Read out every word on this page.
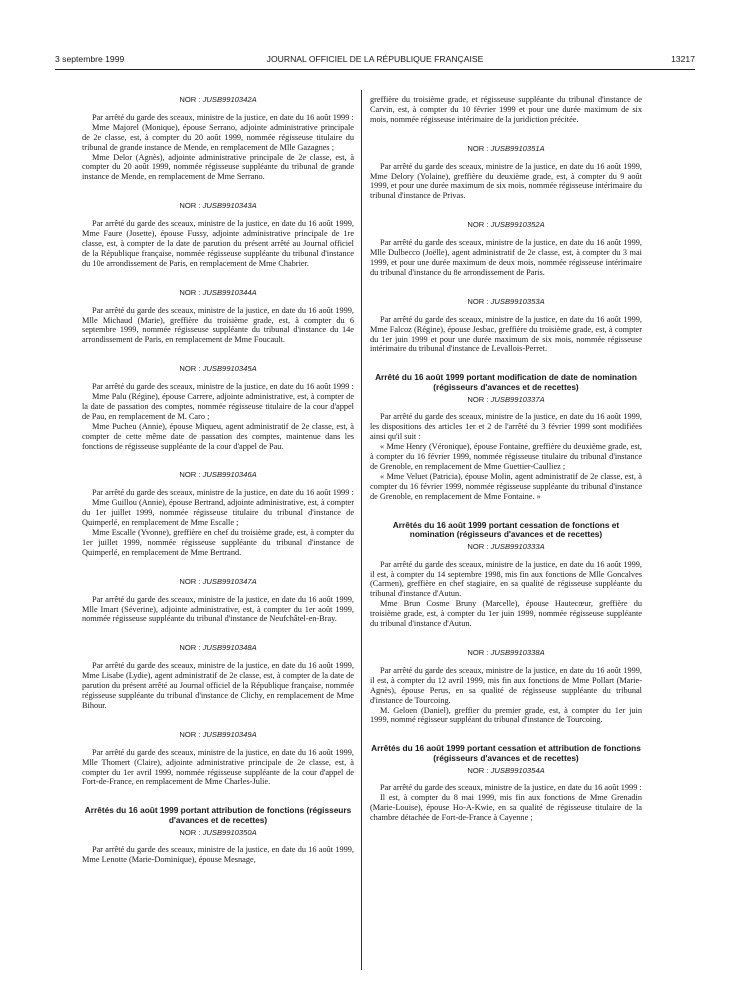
3 septembre 1999	JOURNAL OFFICIEL DE LA RÉPUBLIQUE FRANÇAISE	13217
NOR : JUSB9910342A

Par arrêté du garde des sceaux, ministre de la justice, en date du 16 août 1999 :

Mme Majorel (Monique), épouse Serrano, adjointe administrative principale de 2e classe, est, à compter du 20 août 1999, nommée régisseuse titulaire du tribunal de grande instance de Mende, en remplacement de Mlle Gazagnes ;

Mme Delor (Agnès), adjointe administrative principale de 2e classe, est, à compter du 20 août 1999, nommée régisseuse suppléante du tribunal de grande instance de Mende, en remplacement de Mme Serrano.

NOR : JUSB9910343A

Par arrêté du garde des sceaux, ministre de la justice, en date du 16 août 1999, Mme Faure (Josette), épouse Fussy, adjointe administrative principale de 1re classe, est, à compter de la date de parution du présent arrêté au Journal officiel de la République française, nommée régisseuse suppléante du tribunal d'instance du 10e arrondissement de Paris, en remplacement de Mme Chabrier.

NOR : JUSB9910344A

Par arrêté du garde des sceaux, ministre de la justice, en date du 16 août 1999, Mlle Michaud (Marie), greffière du troisième grade, est, à compter du 6 septembre 1999, nommée régisseuse suppléante du tribunal d'instance du 14e arrondissement de Paris, en remplacement de Mme Foucault.

NOR : JUSB9910345A

Par arrêté du garde des sceaux, ministre de la justice, en date du 16 août 1999 :

Mme Palu (Régine), épouse Carrere, adjointe administrative, est, à compter de la date de passation des comptes, nommée régisseuse titulaire de la cour d'appel de Pau, en remplacement de M. Caro ;

Mme Pucheu (Annie), épouse Miqueu, agent administratif de 2e classe, est, à compter de cette même date de passation des comptes, maintenue dans les fonctions de régisseuse suppléante de la cour d'appel de Pau.

NOR : JUSB9910346A

Par arrêté du garde des sceaux, ministre de la justice, en date du 16 août 1999 :

Mme Guillou (Annie), épouse Bertrand, adjointe administrative, est, à compter du 1er juillet 1999, nommée régisseuse titulaire du tribunal d'instance de Quimperlé, en remplacement de Mme Escalle ;

Mme Escalle (Yvonne), greffière en chef du troisième grade, est, à compter du 1er juillet 1999, nommée régisseuse suppléante du tribunal d'instance de Quimperlé, en remplacement de Mme Bertrand.

NOR : JUSB9910347A

Par arrêté du garde des sceaux, ministre de la justice, en date du 16 août 1999, Mlle Imart (Séverine), adjointe administrative, est, à compter du 1er août 1999, nommée régisseuse suppléante du tribunal d'instance de Neufchâtel-en-Bray.

NOR : JUSB9910348A

Par arrêté du garde des sceaux, ministre de la justice, en date du 16 août 1999, Mme Lisabe (Lydie), agent administratif de 2e classe, est, à compter de la date de parution du présent arrêté au Journal officiel de la République française, nommée régisseuse suppléante du tribunal d'instance de Clichy, en remplacement de Mme Bihour.

NOR : JUSB9910349A

Par arrêté du garde des sceaux, ministre de la justice, en date du 16 août 1999, Mlle Thomert (Claire), adjointe administrative principale de 2e classe, est, à compter du 1er avril 1999, nommée régisseuse suppléante de la cour d'appel de Fort-de-France, en remplacement de Mme Charles-Julie.

Arrêtés du 16 août 1999 portant attribution de fonctions (régisseurs d'avances et de recettes)
NOR : JUSB9910350A

Par arrêté du garde des sceaux, ministre de la justice, en date du 16 août 1999, Mme Lenotte (Marie-Dominique), épouse Mesnage,

greffière du troisième grade, et régisseuse suppléante du tribunal d'instance de Carvin, est, à compter du 10 février 1999 et pour une durée maximum de six mois, nommée régisseuse intérimaire de la juridiction précitée.

NOR : JUSB9910351A

Par arrêté du garde des sceaux, ministre de la justice, en date du 16 août 1999, Mme Delory (Yolaine), greffière du deuxième grade, est, à compter du 9 août 1999, et pour une durée maximum de six mois, nommée régisseuse intérimaire du tribunal d'instance de Privas.

NOR : JUSB9910352A

Par arrêté du garde des sceaux, ministre de la justice, en date du 16 août 1999, Mlle Dulbecco (Joëlle), agent administratif de 2e classe, est, à compter du 3 mai 1999, et pour une durée maximum de deux mois, nommée régisseuse intérimaire du tribunal d'instance du 8e arrondissement de Paris.

NOR : JUSB9910353A

Par arrêté du garde des sceaux, ministre de la justice, en date du 16 août 1999, Mme Falcoz (Régine), épouse Jesbac, greffière du troisième grade, est, à compter du 1er juin 1999 et pour une durée maximum de six mois, nommée régisseuse intérimaire du tribunal d'instance de Levallois-Perret.

Arrêté du 16 août 1999 portant modification de date de nomination (régisseurs d'avances et de recettes)
NOR : JUSB9910337A

Par arrêté du garde des sceaux, ministre de la justice, en date du 16 août 1999, les dispositions des articles 1er et 2 de l'arrêté du 3 février 1999 sont modifiées ainsi qu'il suit :

« Mme Henry (Véronique), épouse Fontaine, greffière du deuxième grade, est, à compter du 16 février 1999, nommée régisseuse titulaire du tribunal d'instance de Grenoble, en remplacement de Mme Guettier-Caulliez ;

« Mme Veluet (Patricia), épouse Molin, agent administratif de 2e classe, est, à compter du 16 février 1999, nommée régisseuse suppléante du tribunal d'instance de Grenoble, en remplacement de Mme Fontaine. »

Arrêtés du 16 août 1999 portant cessation de fonctions et nomination (régisseurs d'avances et de recettes)
NOR : JUSB9910333A

Par arrêté du garde des sceaux, ministre de la justice, en date du 16 août 1999, il est, à compter du 14 septembre 1998, mis fin aux fonctions de Mlle Goncalves (Carmen), greffière en chef stagiaire, en sa qualité de régisseuse suppléante du tribunal d'instance d'Autun.

Mme Brun Cosme Bruny (Marcelle), épouse Hautecœur, greffière du troisième grade, est, à compter du 1er juin 1999, nommée régisseuse suppléante du tribunal d'instance d'Autun.

NOR : JUSB9910338A

Par arrêté du garde des sceaux, ministre de la justice, en date du 16 août 1999, il est, à compter du 12 avril 1999, mis fin aux fonctions de Mme Pollart (Marie-Agnès), épouse Perus, en sa qualité de régisseuse suppléante du tribunal d'instance de Tourcoing.

M. Geloen (Daniel), greffier du premier grade, est, à compter du 1er juin 1999, nommé régisseur suppléant du tribunal d'instance de Tourcoing.

Arrêtés du 16 août 1999 portant cessation et attribution de fonctions (régisseurs d'avances et de recettes)
NOR : JUSB9910354A

Par arrêté du garde des sceaux, ministre de la justice, en date du 16 août 1999 :

Il est, à compter du 8 mai 1999, mis fin aux fonctions de Mme Grenadin (Marie-Louise), épouse Ho-A-Kwie, en sa qualité de régisseuse titulaire de la chambre détachée de Fort-de-France à Cayenne ;
